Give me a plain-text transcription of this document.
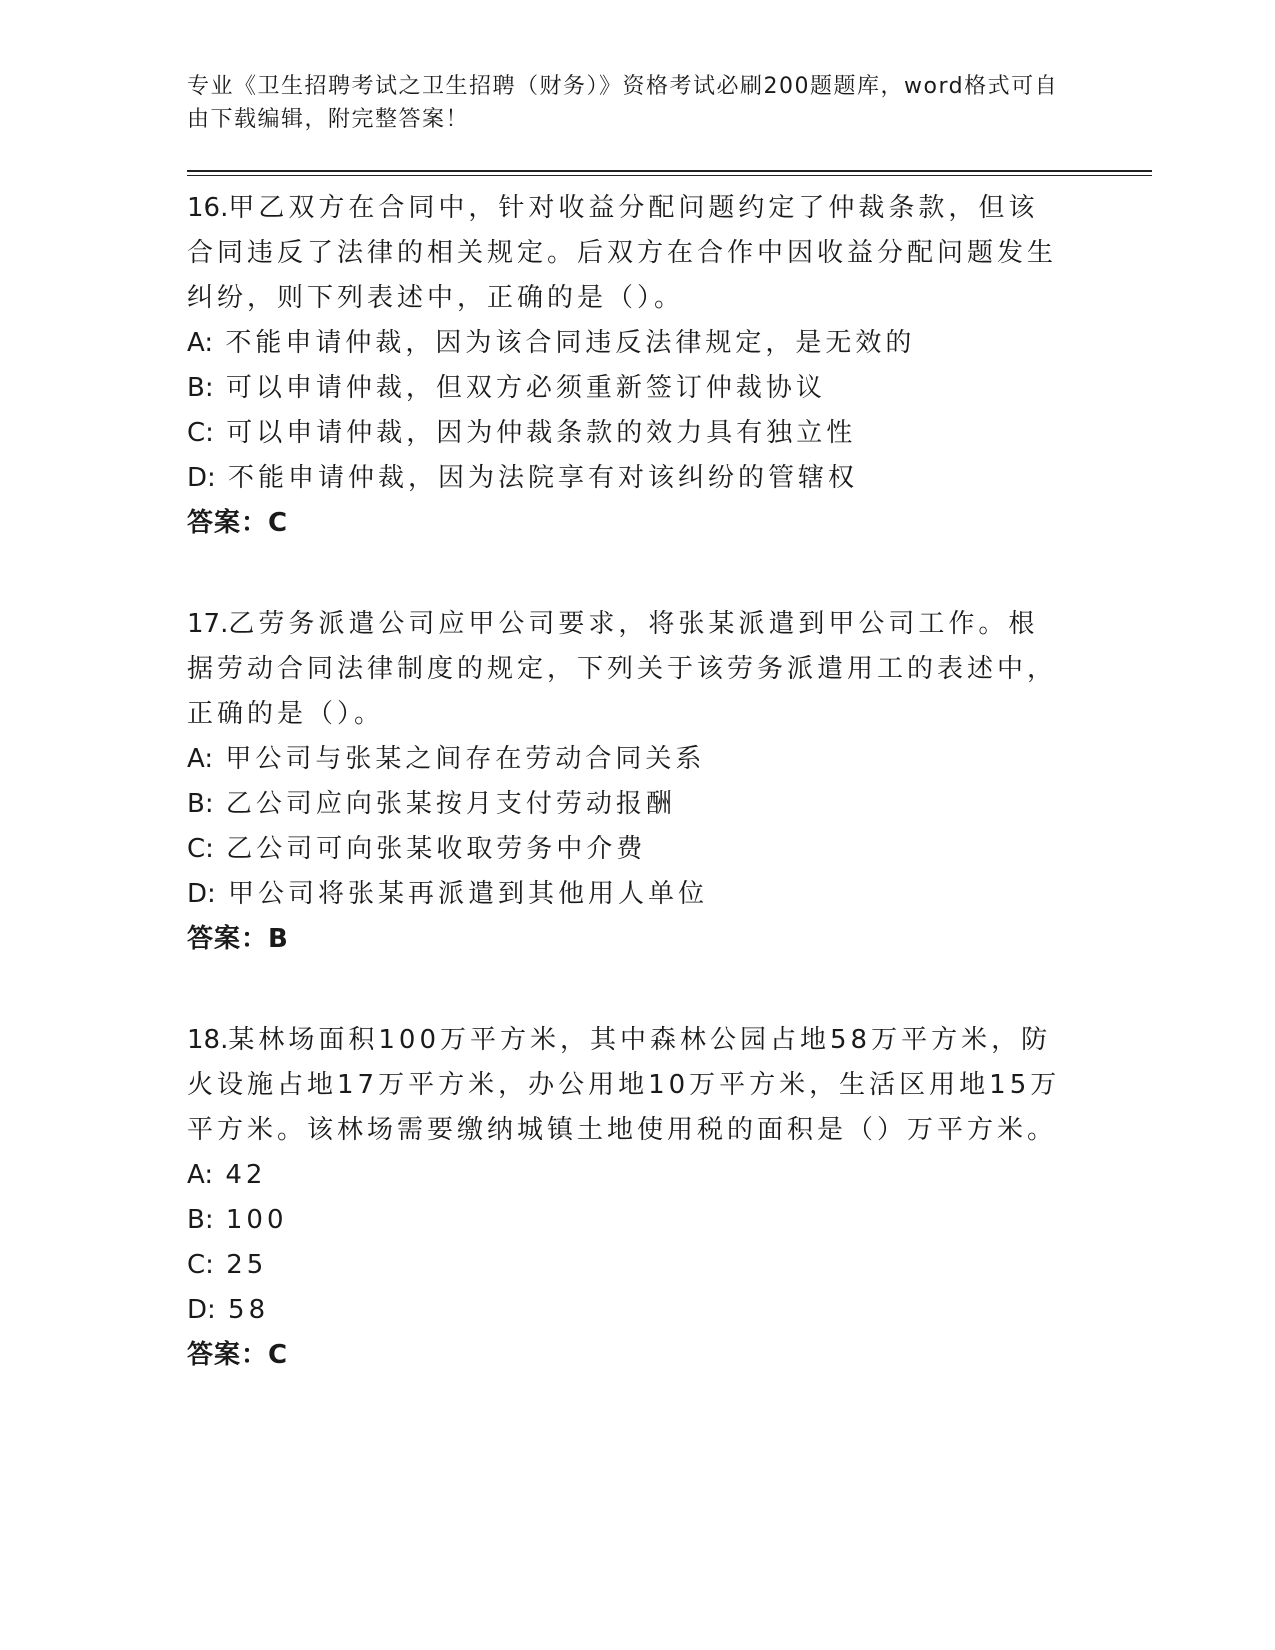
专业《卫生招聘考试之卫生招聘（财务）》资格考试必刷200题题库，word格式可自由下载编辑，附完整答案！

16.甲乙双方在合同中，针对收益分配问题约定了仲裁条款，但该合同违反了法律的相关规定。后双方在合作中因收益分配问题发生纠纷，则下列表述中，正确的是（）。

A: 不能申请仲裁，因为该合同违反法律规定，是无效的

B: 可以申请仲裁，但双方必须重新签订仲裁协议

C: 可以申请仲裁，因为仲裁条款的效力具有独立性

D: 不能申请仲裁，因为法院享有对该纠纷的管辖权

答案：C

17.乙劳务派遣公司应甲公司要求，将张某派遣到甲公司工作。根据劳动合同法律制度的规定，下列关于该劳务派遣用工的表述中，正确的是（）。

A: 甲公司与张某之间存在劳动合同关系

B: 乙公司应向张某按月支付劳动报酬

C: 乙公司可向张某收取劳务中介费

D: 甲公司将张某再派遣到其他用人单位

答案：B

18.某林场面积100万平方米，其中森林公园占地58万平方米，防火设施占地17万平方米，办公用地10万平方米，生活区用地15万平方米。该林场需要缴纳城镇土地使用税的面积是（）万平方米。

A: 42

B: 100

C: 25

D: 58

答案：C
